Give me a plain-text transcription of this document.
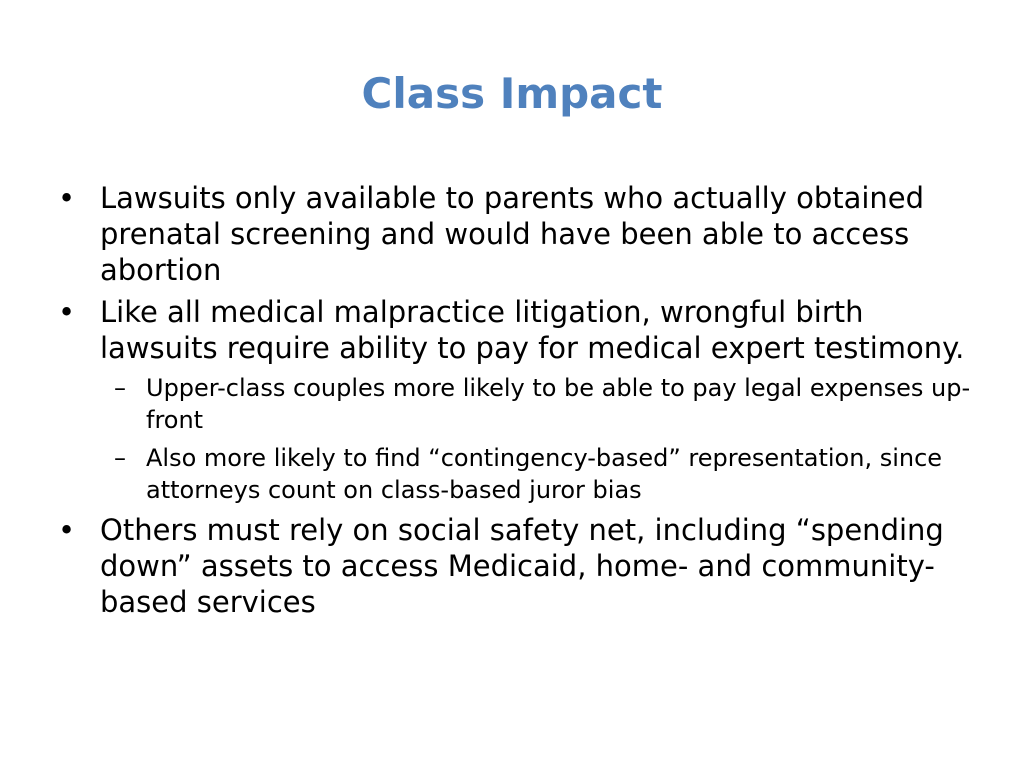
Class Impact
• Lawsuits only available to parents who actually obtained prenatal screening and would have been able to access abortion
• Like all medical malpractice litigation, wrongful birth lawsuits require ability to pay for medical expert testimony.
– Upper-class couples more likely to be able to pay legal expenses up-front
– Also more likely to find “contingency-based” representation, since attorneys count on class-based juror bias
• Others must rely on social safety net, including “spending down” assets to access Medicaid, home- and community-based services
